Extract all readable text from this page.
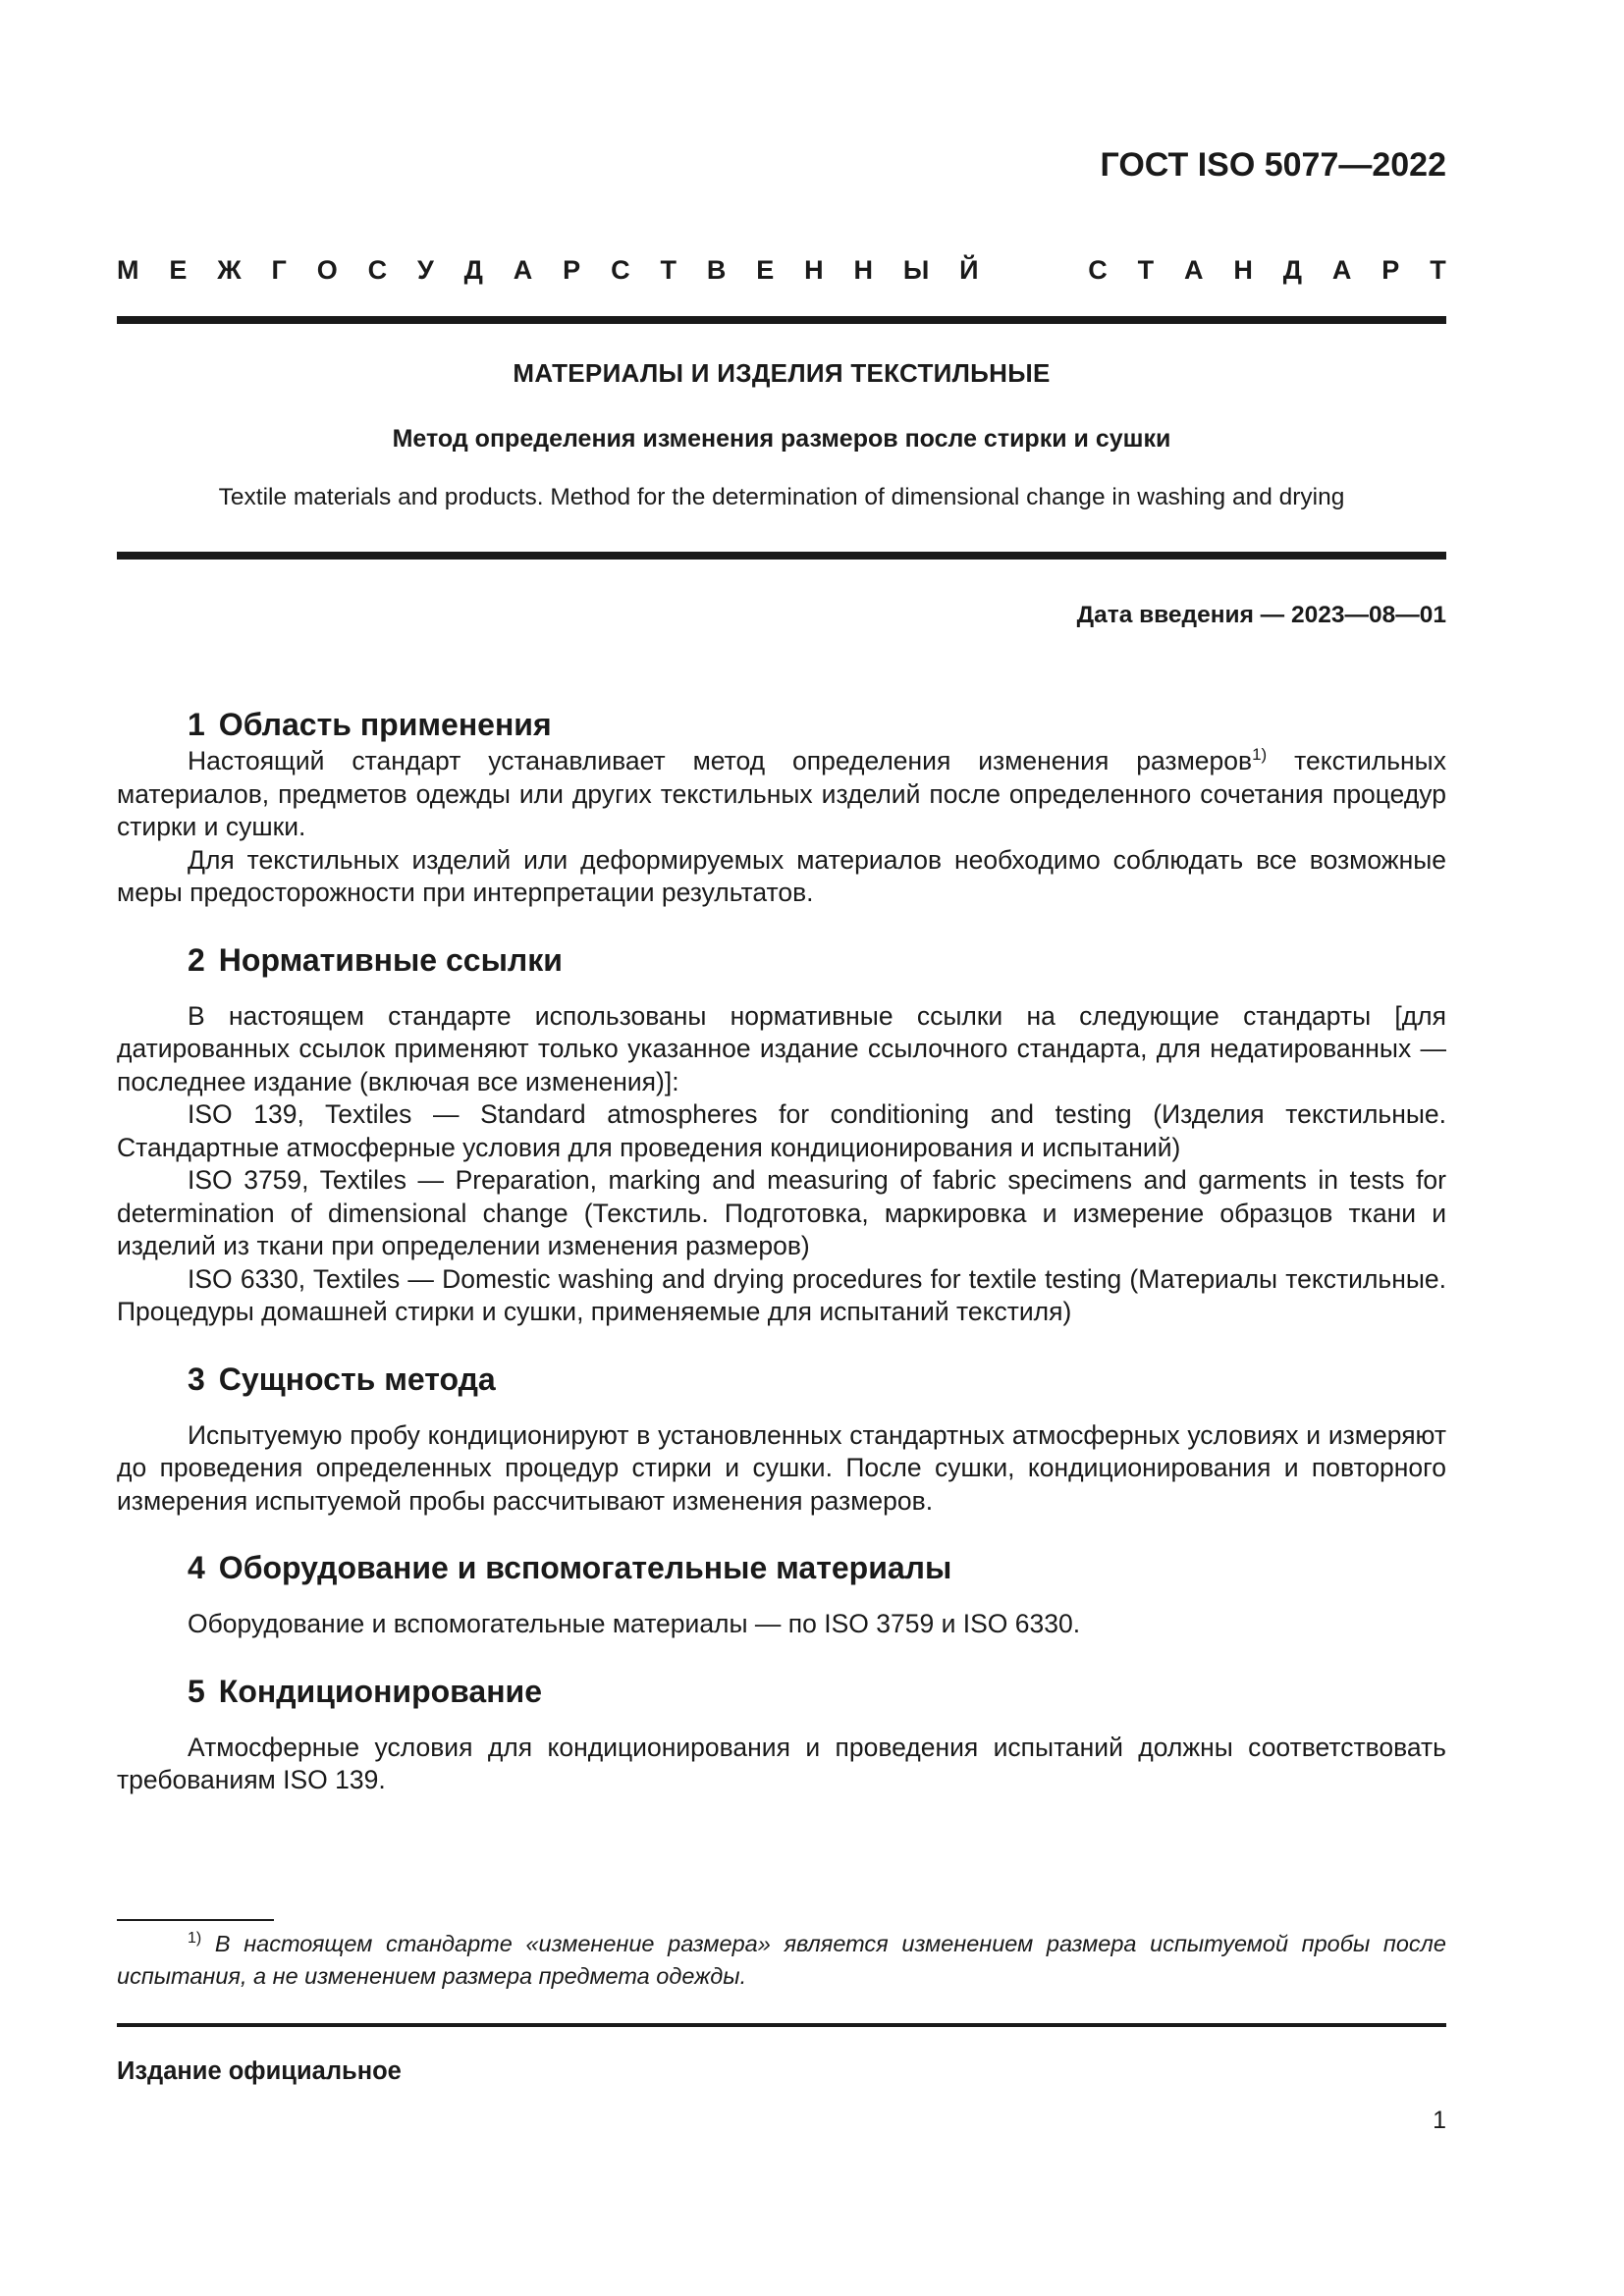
ГОСТ ISO 5077—2022
М Е Ж Г О С У Д А Р С Т В Е Н Н Ы Й	С Т А Н Д А Р Т
МАТЕРИАЛЫ И ИЗДЕЛИЯ ТЕКСТИЛЬНЫЕ
Метод определения изменения размеров после стирки и сушки
Textile materials and products. Method for the determination of dimensional change in washing and drying
Дата введения — 2023—08—01
1 Область применения

Настоящий стандарт устанавливает метод определения изменения размеров$^{1)}$ текстильных материалов, предметов одежды или других текстильных изделий после определенного сочетания процедур стирки и сушки.

Для текстильных изделий или деформируемых материалов необходимо соблюдать все возможные меры предосторожности при интерпретации результатов.

2 Нормативные ссылки

В настоящем стандарте использованы нормативные ссылки на следующие стандарты [для датированных ссылок применяют только указанное издание ссылочного стандарта, для недатированных — последнее издание (включая все изменения)]:

ISO 139, Textiles — Standard atmospheres for conditioning and testing (Изделия текстильные. Стандартные атмосферные условия для проведения кондиционирования и испытаний)

ISO 3759, Textiles — Preparation, marking and measuring of fabric specimens and garments in tests for determination of dimensional change (Текстиль. Подготовка, маркировка и измерение образцов ткани и изделий из ткани при определении изменения размеров)

ISO 6330, Textiles — Domestic washing and drying procedures for textile testing (Материалы текстильные. Процедуры домашней стирки и сушки, применяемые для испытаний текстиля)

3 Сущность метода

Испытуемую пробу кондиционируют в установленных стандартных атмосферных условиях и измеряют до проведения определенных процедур стирки и сушки. После сушки, кондиционирования и повторного измерения испытуемой пробы рассчитывают изменения размеров.

4 Оборудование и вспомогательные материалы

Оборудование и вспомогательные материалы — по ISO 3759 и ISO 6330.

5 Кондиционирование

Атмосферные условия для кондиционирования и проведения испытаний должны соответствовать требованиям ISO 139.

$^{1)}$ В настоящем стандарте «изменение размера» является изменением размера испытуемой пробы после испытания, а не изменением размера предмета одежды.
Издание официальное
1
